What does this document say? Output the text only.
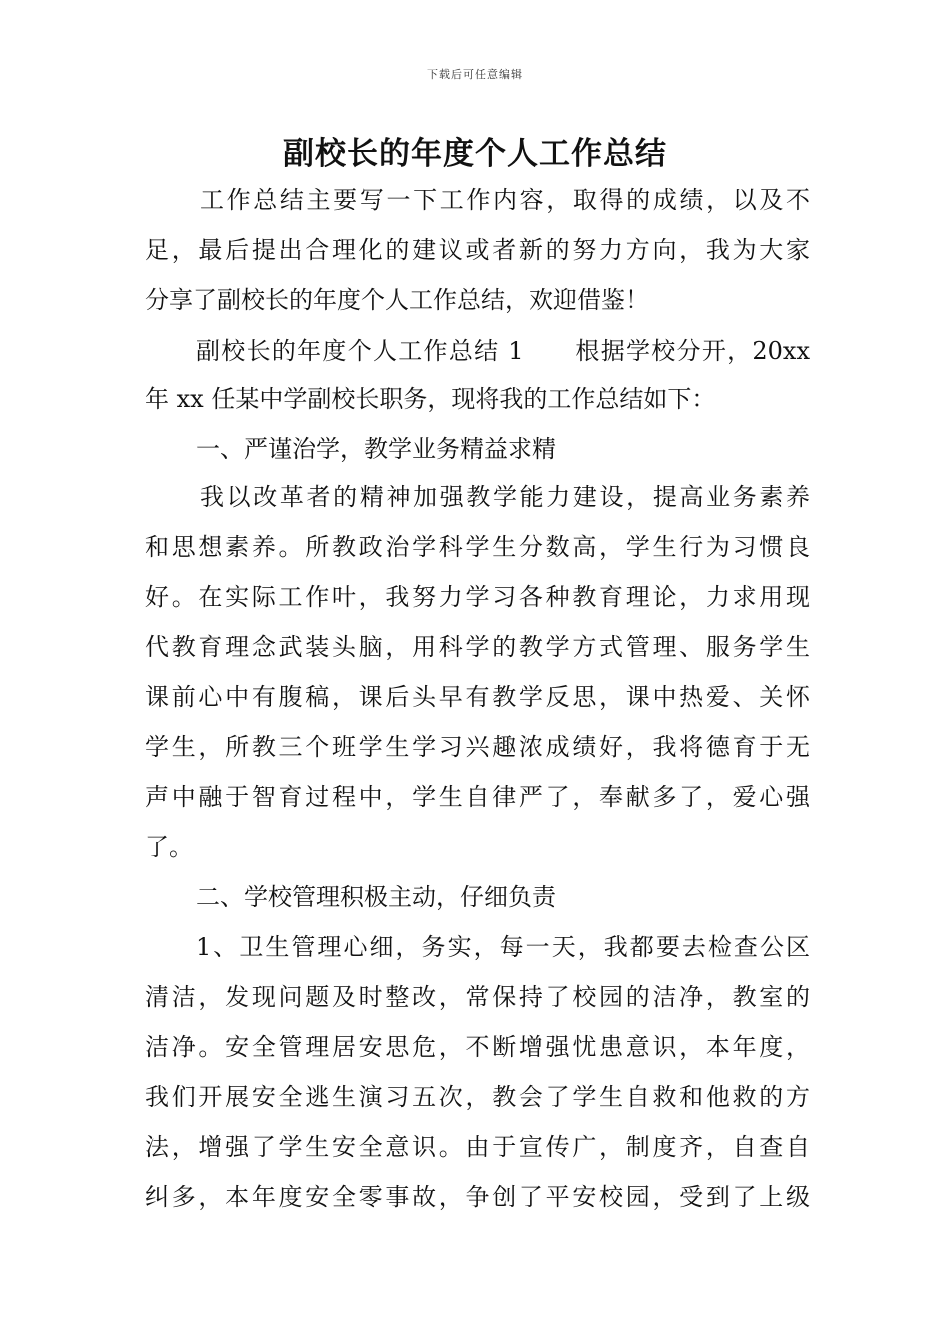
下载后可任意编辑
副校长的年度个人工作总结
工作总结主要写一下工作内容，取得的成绩，以及不
足，最后提出合理化的建议或者新的努力方向，我为大家
分享了副校长的年度个人工作总结，欢迎借鉴！
副校长的年度个人工作总结 1　　根据学校分开，20xx
年 xx 任某中学副校长职务，现将我的工作总结如下：
一、严谨治学，教学业务精益求精
我以改革者的精神加强教学能力建设，提高业务素养
和思想素养。所教政治学科学生分数高，学生行为习惯良
好。在实际工作叶，我努力学习各种教育理论，力求用现
代教育理念武装头脑，用科学的教学方式管理、服务学生
课前心中有腹稿，课后头早有教学反思，课中热爱、关怀
学生，所教三个班学生学习兴趣浓成绩好，我将德育于无
声中融于智育过程中，学生自律严了，奉献多了，爱心强
了。
二、学校管理积极主动，仔细负责
1、卫生管理心细，务实，每一天，我都要去检查公区
清洁，发现问题及时整改，常保持了校园的洁净，教室的
洁净。安全管理居安思危，不断增强忧患意识，本年度，
我们开展安全逃生演习五次，教会了学生自救和他救的方
法，增强了学生安全意识。由于宣传广，制度齐，自查自
纠多，本年度安全零事故，争创了平安校园，受到了上级
